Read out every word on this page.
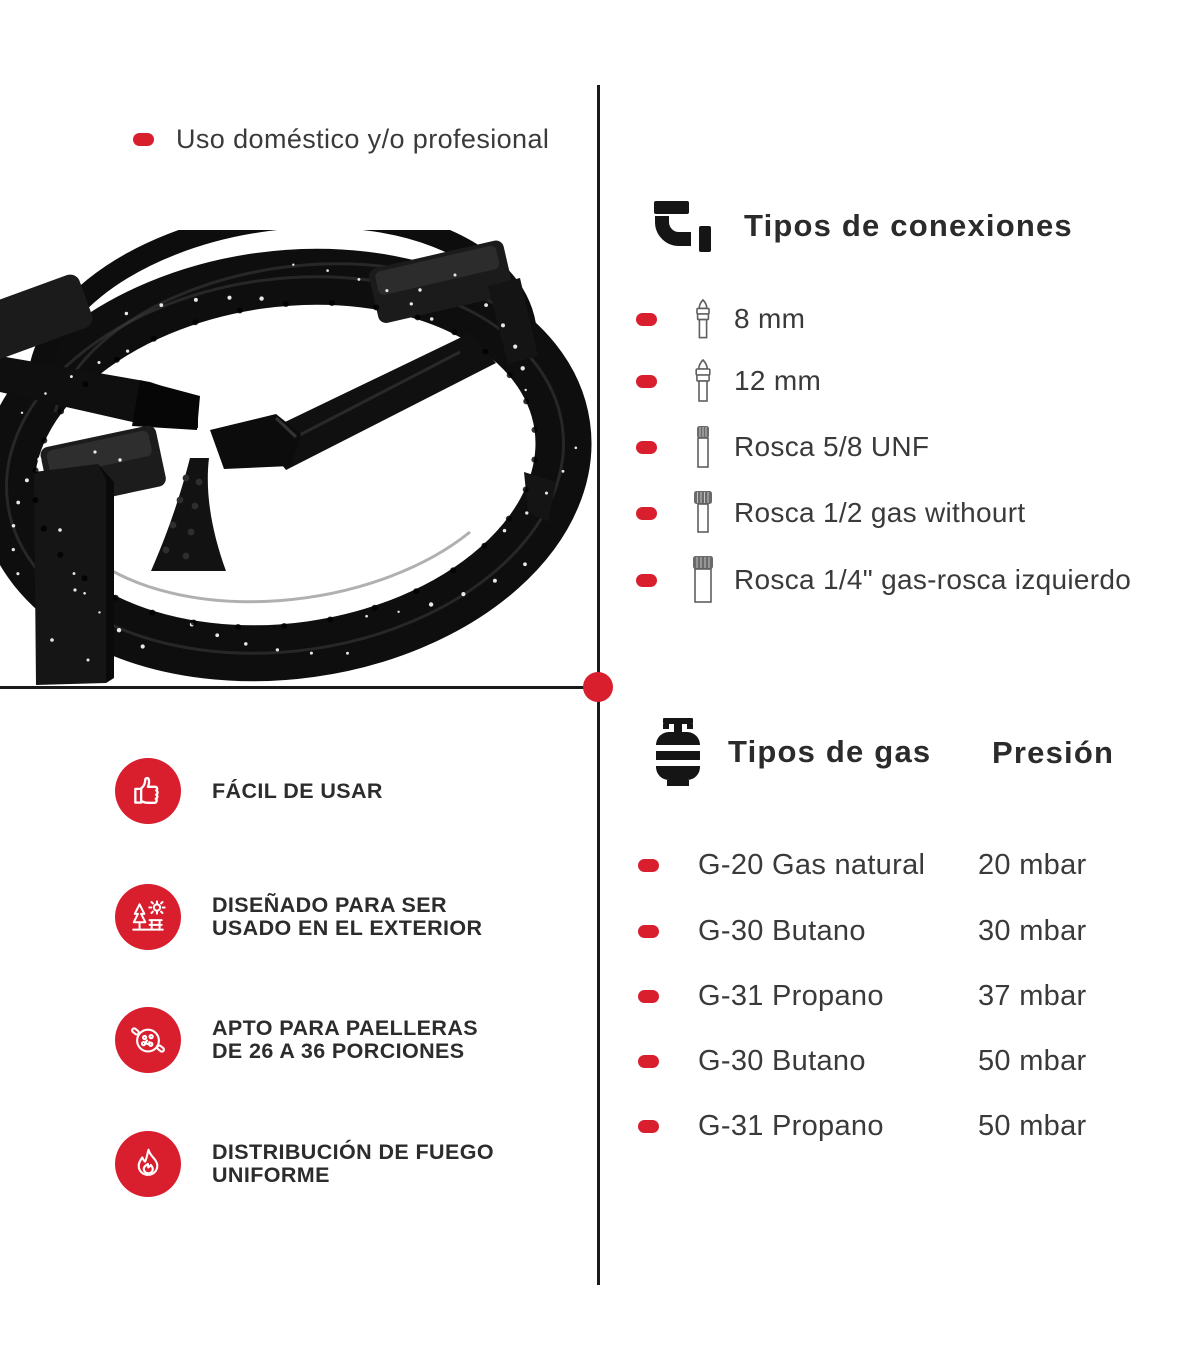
Uso doméstico y/o profesional
Tipos de conexiones
8 mm
12 mm
Rosca 5/8 UNF
Rosca 1/2 gas withourt
Rosca 1/4" gas-rosca izquierdo
Tipos de gas Presión
G-20 Gas natural	20 mbar
G-30 Butano	30 mbar
G-31 Propano	37 mbar
G-30 Butano	50 mbar
G-31 Propano	50 mbar
FÁCIL DE USAR
DISEÑADO PARA SER
USADO EN EL EXTERIOR
APTO PARA PAELLERAS
DE 26 A 36 PORCIONES
DISTRIBUCIÓN DE FUEGO
UNIFORME
